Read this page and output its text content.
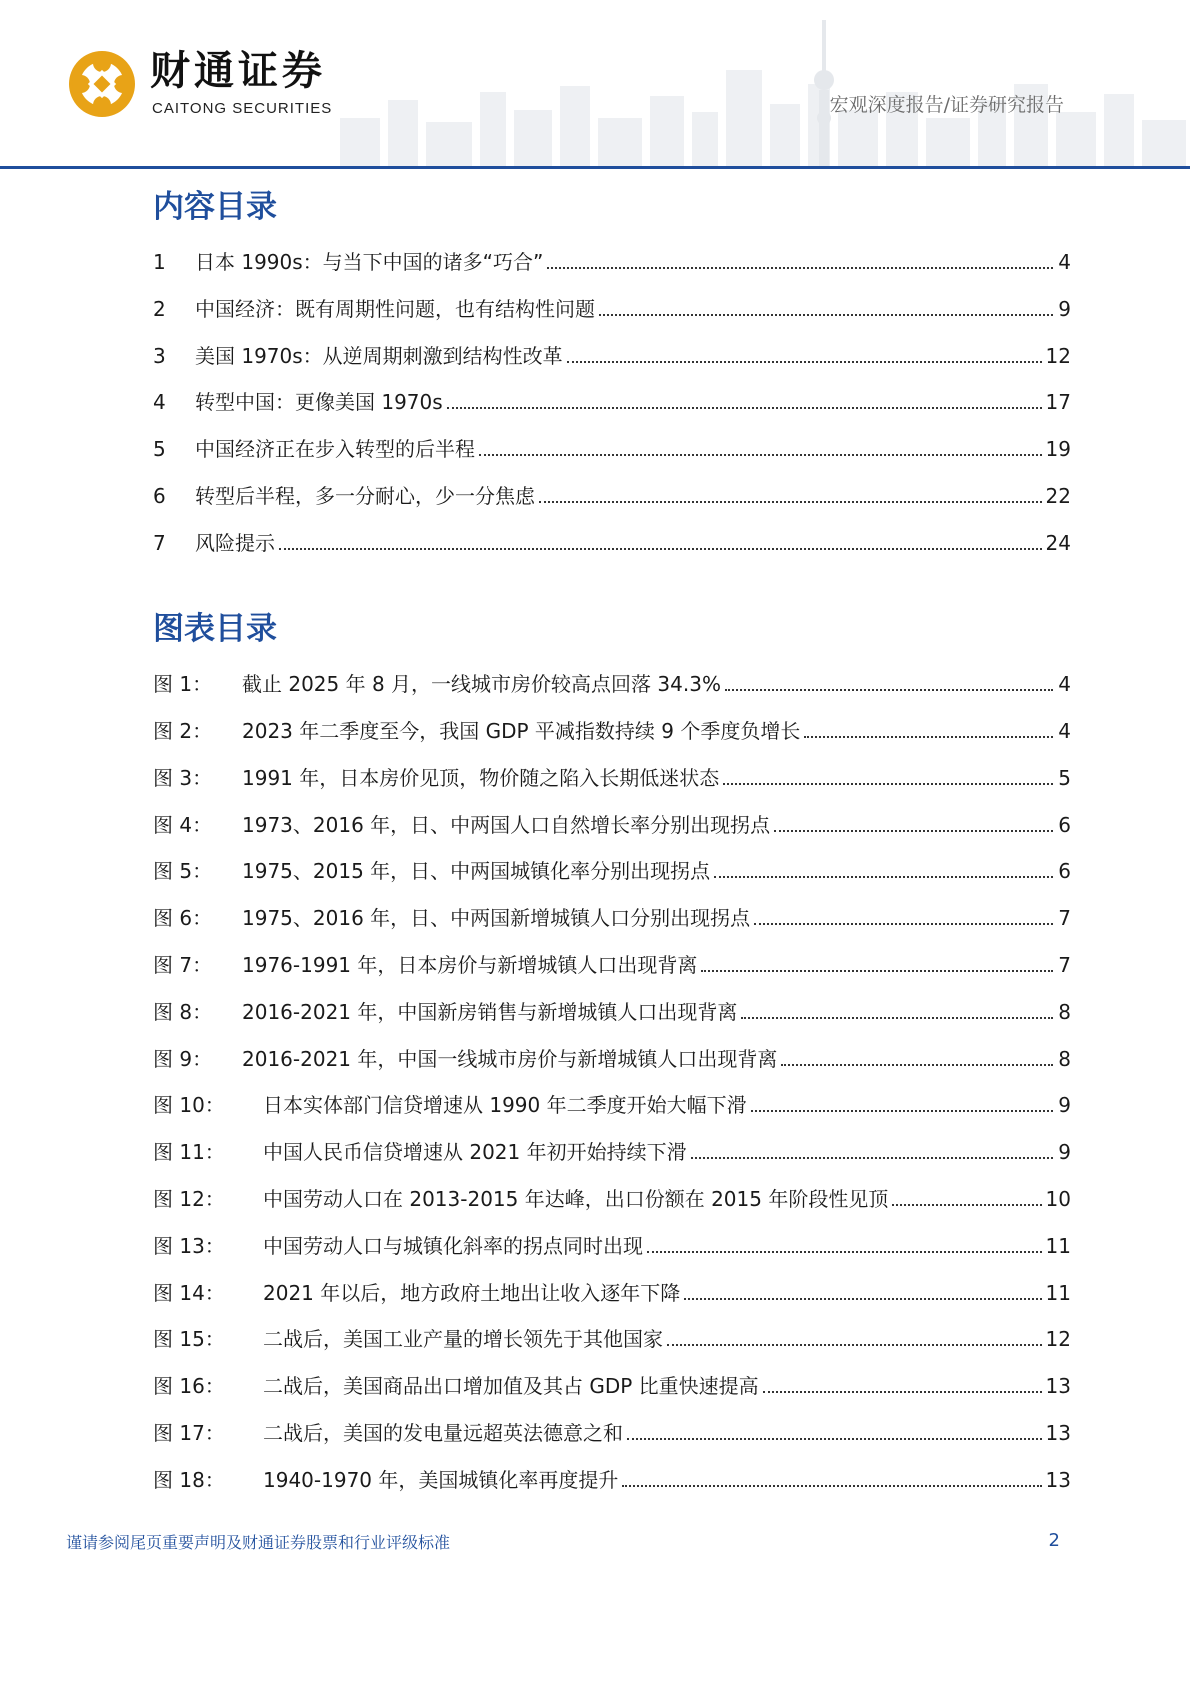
财通证券
CAITONG SECURITIES	宏观深度报告/证券研究报告
内容目录
1	日本 1990s：与当下中国的诸多“巧合”	4
2	中国经济：既有周期性问题，也有结构性问题	9
3	美国 1970s：从逆周期刺激到结构性改革	12
4	转型中国：更像美国 1970s	17
5	中国经济正在步入转型的后半程	19
6	转型后半程，多一分耐心，少一分焦虑	22
7	风险提示	24
图表目录
图 1：	截止 2025 年 8 月，一线城市房价较高点回落 34.3%	4
图 2：	2023 年二季度至今，我国 GDP 平减指数持续 9 个季度负增长	4
图 3：	1991 年，日本房价见顶，物价随之陷入长期低迷状态	5
图 4：	1973、2016 年，日、中两国人口自然增长率分别出现拐点	6
图 5：	1975、2015 年，日、中两国城镇化率分别出现拐点	6
图 6：	1975、2016 年，日、中两国新增城镇人口分别出现拐点	7
图 7：	1976-1991 年，日本房价与新增城镇人口出现背离	7
图 8：	2016-2021 年，中国新房销售与新增城镇人口出现背离	8
图 9：	2016-2021 年，中国一线城市房价与新增城镇人口出现背离	8
图 10：	日本实体部门信贷增速从 1990 年二季度开始大幅下滑	9
图 11：	中国人民币信贷增速从 2021 年初开始持续下滑	9
图 12：	中国劳动人口在 2013-2015 年达峰，出口份额在 2015 年阶段性见顶	10
图 13：	中国劳动人口与城镇化斜率的拐点同时出现	11
图 14：	2021 年以后，地方政府土地出让收入逐年下降	11
图 15：	二战后，美国工业产量的增长领先于其他国家	12
图 16：	二战后，美国商品出口增加值及其占 GDP 比重快速提高	13
图 17：	二战后，美国的发电量远超英法德意之和	13
图 18：	1940-1970 年，美国城镇化率再度提升	13
谨请参阅尾页重要声明及财通证券股票和行业评级标准	2
